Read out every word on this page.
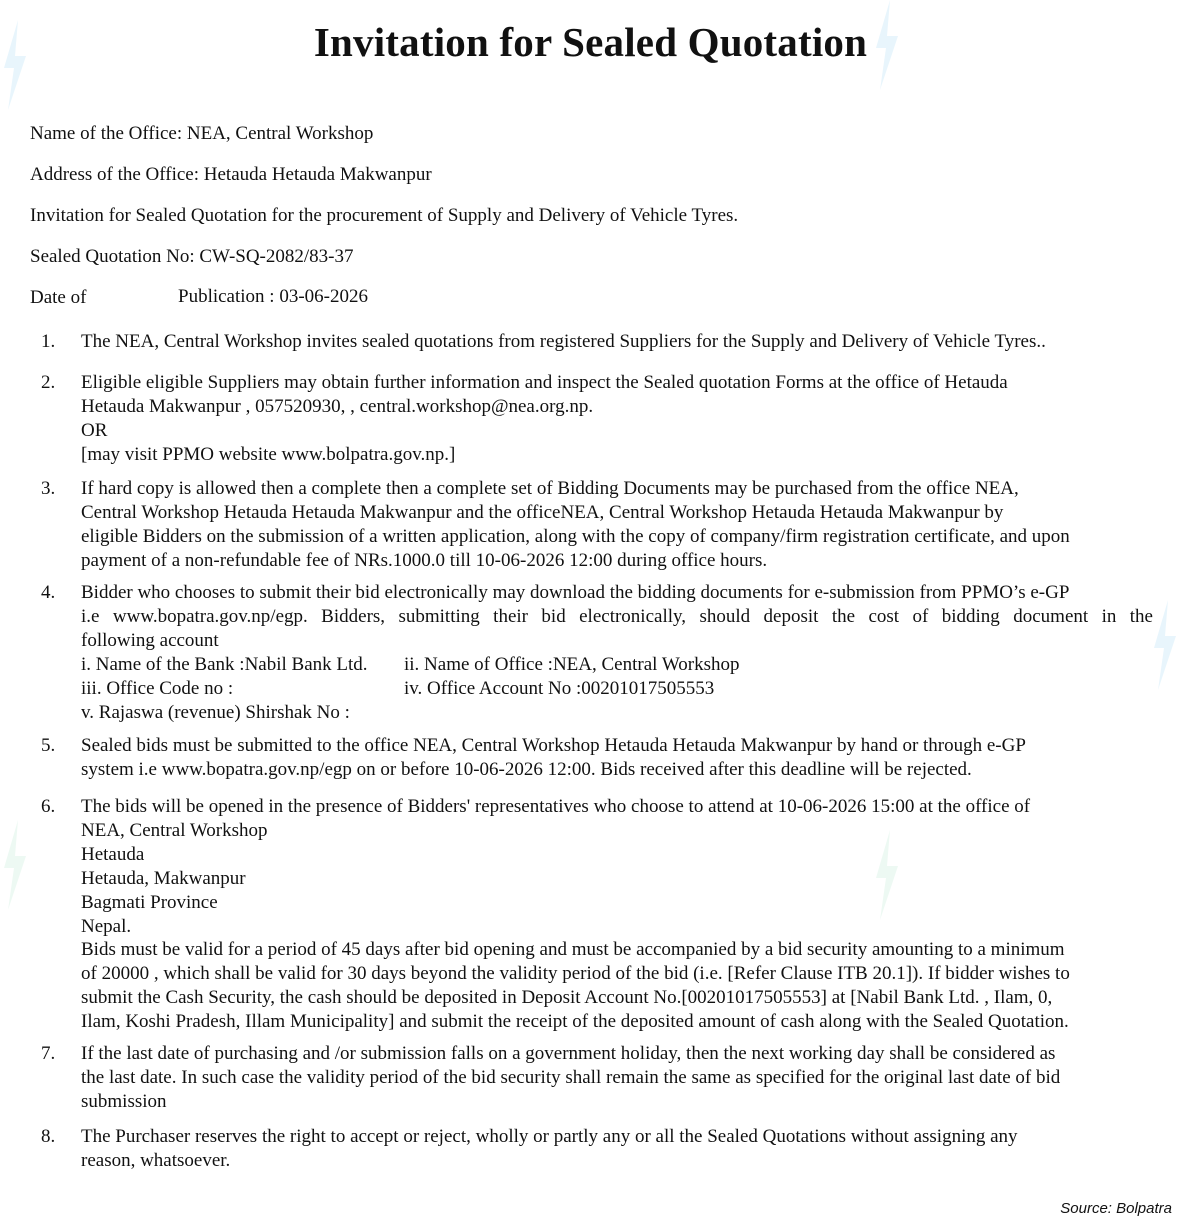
Invitation for Sealed Quotation
Name of the Office: NEA, Central Workshop
Address of the Office: Hetauda Hetauda Makwanpur
Invitation for Sealed Quotation for the procurement of Supply and Delivery of Vehicle Tyres.
Sealed Quotation No: CW-SQ-2082/83-37
Date of	Publication : 03-06-2026
1. The NEA, Central Workshop invites sealed quotations from registered Suppliers for the Supply and Delivery of Vehicle Tyres..
2. Eligible eligible Suppliers may obtain further information and inspect the Sealed quotation Forms at the office of Hetauda
Hetauda Makwanpur , 057520930, , central.workshop@nea.org.np.
OR
[may visit PPMO website www.bolpatra.gov.np.]
3. If hard copy is allowed then a complete then a complete set of Bidding Documents may be purchased from the office NEA,
Central Workshop Hetauda Hetauda Makwanpur and the officeNEA, Central Workshop Hetauda Hetauda Makwanpur by
eligible Bidders on the submission of a written application, along with the copy of company/firm registration certificate, and upon
payment of a non-refundable fee of NRs.1000.0 till 10-06-2026 12:00 during office hours.
4. Bidder who chooses to submit their bid electronically may download the bidding documents for e-submission from PPMO’s e-GP
i.e www.bopatra.gov.np/egp. Bidders, submitting their bid electronically, should deposit the cost of bidding document in the
following account
i. Name of the Bank :Nabil Bank Ltd.	ii. Name of Office :NEA, Central Workshop
iii. Office Code no :	iv. Office Account No :00201017505553
v. Rajaswa (revenue) Shirshak No :
5. Sealed bids must be submitted to the office NEA, Central Workshop Hetauda Hetauda Makwanpur by hand or through e-GP
system i.e www.bopatra.gov.np/egp on or before 10-06-2026 12:00. Bids received after this deadline will be rejected.
6. The bids will be opened in the presence of Bidders' representatives who choose to attend at 10-06-2026 15:00 at the office of
NEA, Central Workshop
Hetauda
Hetauda, Makwanpur
Bagmati Province
Nepal.
Bids must be valid for a period of 45 days after bid opening and must be accompanied by a bid security amounting to a minimum
of 20000 , which shall be valid for 30 days beyond the validity period of the bid (i.e. [Refer Clause ITB 20.1]). If bidder wishes to
submit the Cash Security, the cash should be deposited in Deposit Account No.[00201017505553] at [Nabil Bank Ltd. , Ilam, 0,
Ilam, Koshi Pradesh, Illam Municipality] and submit the receipt of the deposited amount of cash along with the Sealed Quotation.
7. If the last date of purchasing and /or submission falls on a government holiday, then the next working day shall be considered as
the last date. In such case the validity period of the bid security shall remain the same as specified for the original last date of bid
submission
8. The Purchaser reserves the right to accept or reject, wholly or partly any or all the Sealed Quotations without assigning any
reason, whatsoever.
Source: Bolpatra
